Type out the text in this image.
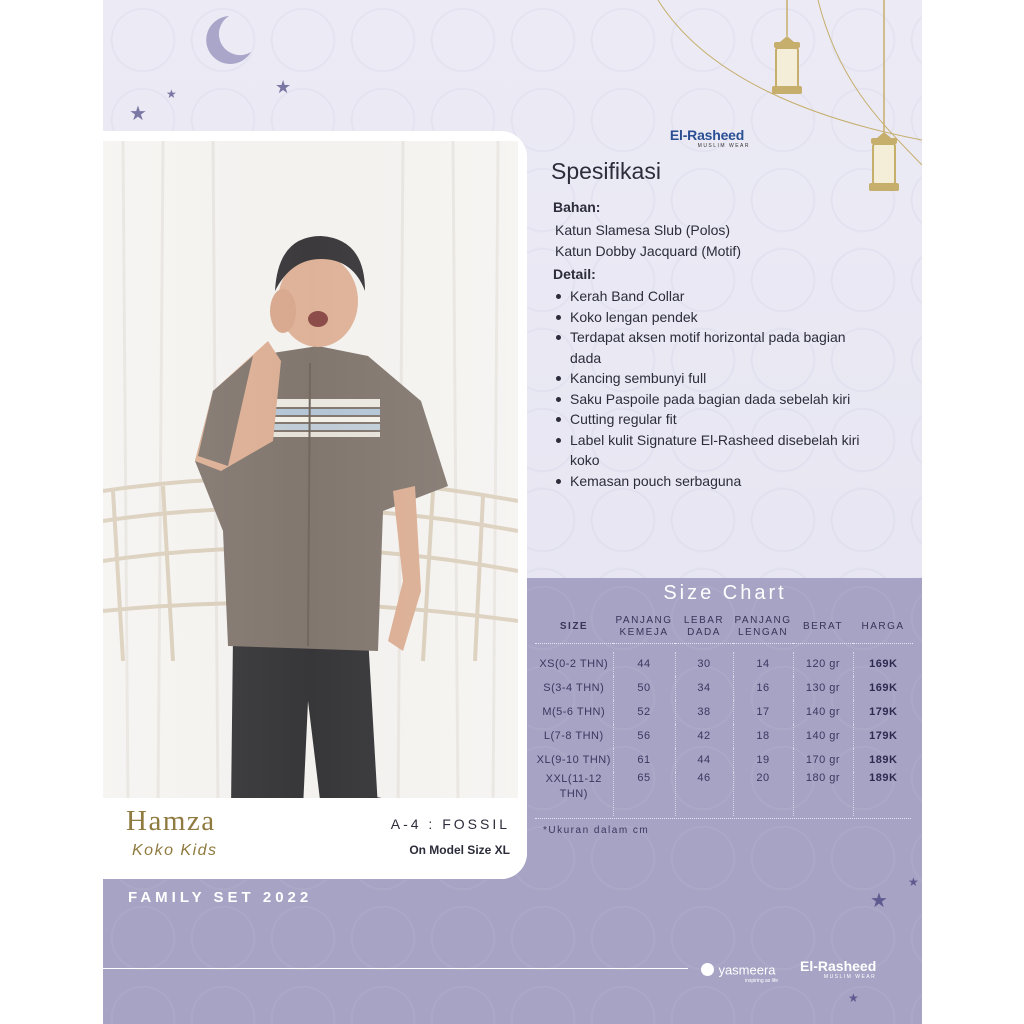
★
★	★
El-Rasheed
MUSLIM WEAR
Spesifikasi
Bahan:
Katun Slamesa Slub (Polos)
Katun Dobby Jacquard (Motif)
Detail:
Kerah Band Collar
Koko lengan pendek
Terdapat aksen motif horizontal pada bagian dada
Kancing sembunyi full
Saku Paspoile pada bagian dada sebelah kiri
Cutting regular fit
Label kulit Signature El-Rasheed disebelah kiri koko
Kemasan pouch serbaguna
Size Chart
SIZE	PANJANG KEMEJA	LEBAR DADA	PANJANG LENGAN	BERAT	HARGA

XS(0-2 THN)	44	30	14	120 gr	169K
S(3-4 THN)	50	34	16	130 gr	169K
M(5-6 THN)	52	38	17	140 gr	179K
L(7-8 THN)	56	42	18	140 gr	179K
XL(9-10 THN)	61	44	19	170 gr	189K
XXL(11-12 THN)	65	46	20	180 gr	189K
*Ukuran dalam cm
Hamza
Koko Kids
A-4 : FOSSIL
On Model Size XL
FAMILY SET 2022
★
★
★
yasmeera
inspiring as life
El-Rasheed
MUSLIM WEAR
